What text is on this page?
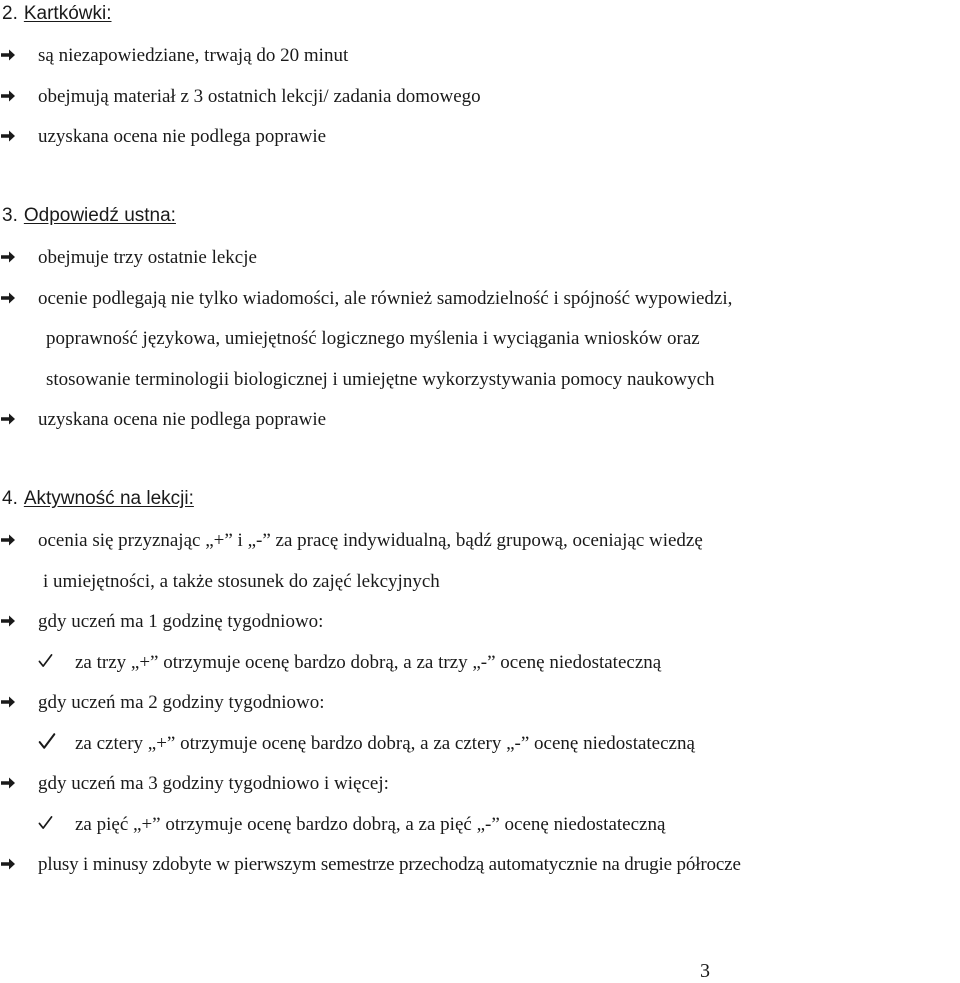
2. Kartkówki:
są niezapowiedziane, trwają do 20 minut
obejmują materiał z 3 ostatnich lekcji/ zadania domowego
uzyskana ocena nie podlega poprawie
3. Odpowiedź ustna:
obejmuje trzy ostatnie lekcje
ocenie podlegają nie tylko wiadomości, ale również samodzielność i spójność wypowiedzi,
poprawność językowa, umiejętność logicznego myślenia i wyciągania wniosków oraz
stosowanie terminologii biologicznej i umiejętne wykorzystywania pomocy naukowych
uzyskana ocena nie podlega poprawie
4. Aktywność na lekcji:
ocenia się przyznając „+” i „-” za pracę indywidualną, bądź grupową, oceniając wiedzę
i umiejętności, a także stosunek do zajęć lekcyjnych
gdy uczeń ma 1 godzinę tygodniowo:
za trzy „+” otrzymuje ocenę bardzo dobrą, a za trzy „-” ocenę niedostateczną
gdy uczeń ma 2 godziny tygodniowo:
za cztery „+” otrzymuje ocenę bardzo dobrą, a za cztery „-” ocenę niedostateczną
gdy uczeń ma 3 godziny tygodniowo i więcej:
za pięć „+” otrzymuje ocenę bardzo dobrą, a za pięć „-” ocenę niedostateczną
plusy i minusy zdobyte w pierwszym semestrze przechodzą automatycznie na drugie półrocze
3
